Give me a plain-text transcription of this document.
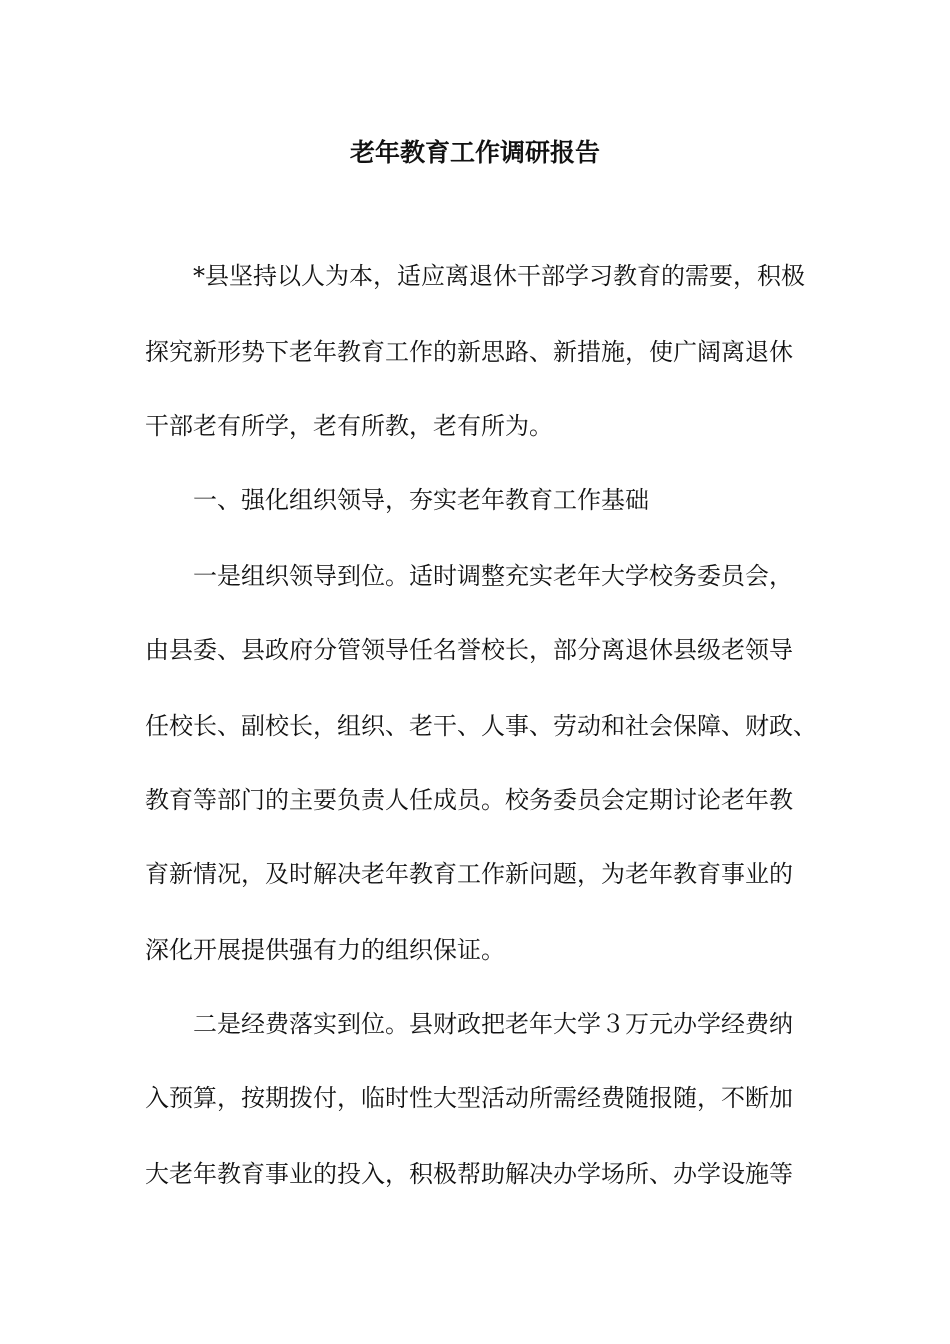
老年教育工作调研报告
*县坚持以人为本，适应离退休干部学习教育的需要，积极
探究新形势下老年教育工作的新思路、新措施，使广阔离退休
干部老有所学，老有所教，老有所为。
一、强化组织领导，夯实老年教育工作基础
一是组织领导到位。适时调整充实老年大学校务委员会，
由县委、县政府分管领导任名誉校长，部分离退休县级老领导
任校长、副校长，组织、老干、人事、劳动和社会保障、财政、
教育等部门的主要负责人任成员。校务委员会定期讨论老年教
育新情况，及时解决老年教育工作新问题，为老年教育事业的
深化开展提供强有力的组织保证。
二是经费落实到位。县财政把老年大学３万元办学经费纳
入预算，按期拨付，临时性大型活动所需经费随报随，不断加
大老年教育事业的投入，积极帮助解决办学场所、办学设施等
